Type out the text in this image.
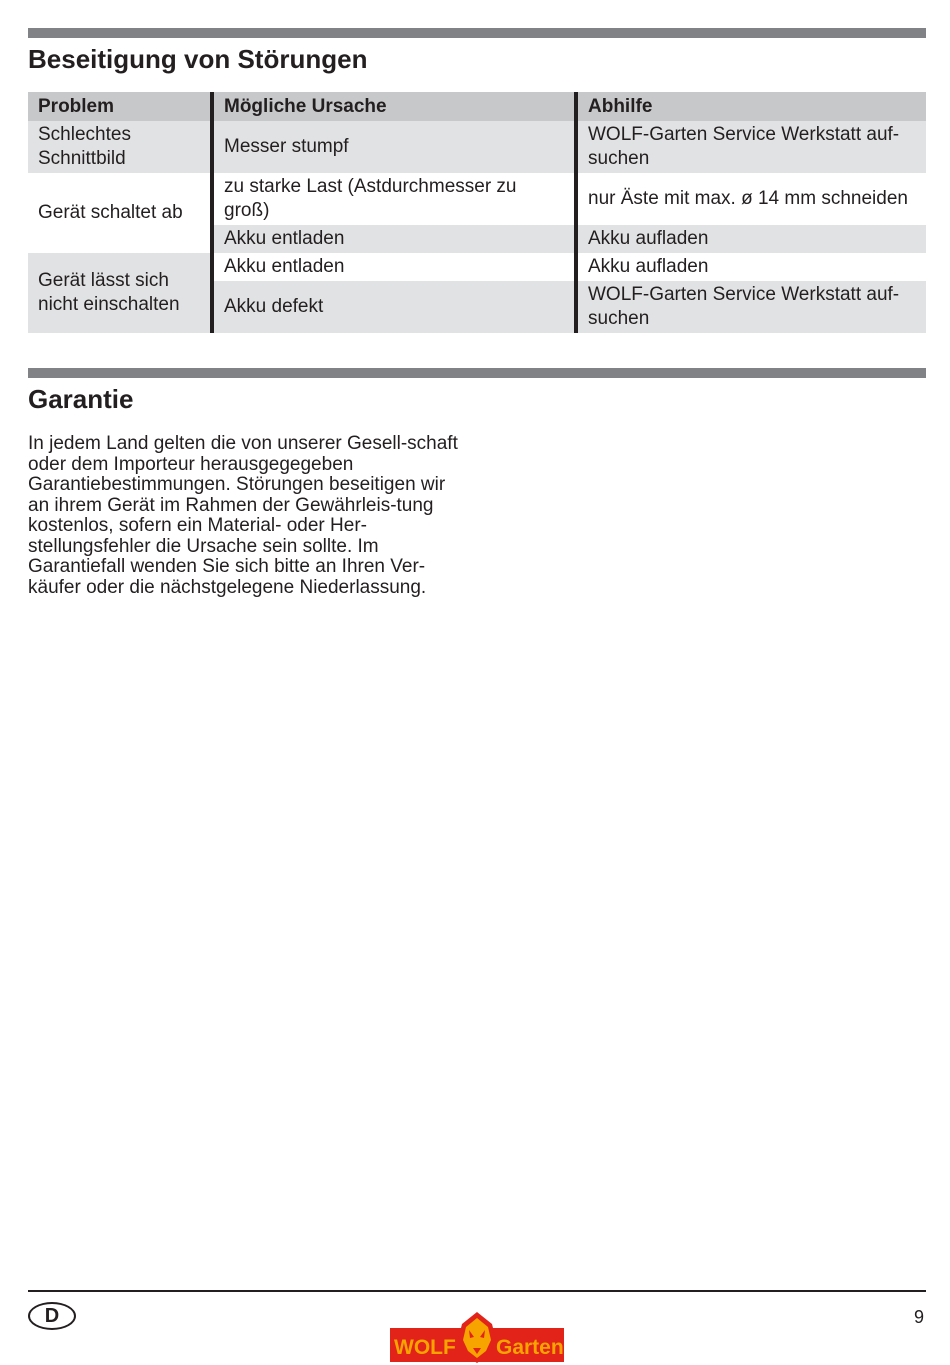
Beseitigung von Störungen
Problem	Mögliche Ursache	Abhilfe
Schlechtes Schnittbild	Messer stumpf	WOLF-Garten Service Werkstatt auf-suchen
Gerät schaltet ab	zu starke Last (Astdurchmesser zu groß)	nur Äste mit max. ø 14 mm schneiden
	Akku entladen	Akku aufladen
Gerät lässt sich nicht einschalten	Akku entladen	Akku aufladen
	Akku defekt	WOLF-Garten Service Werkstatt auf-suchen
Garantie

In jedem Land gelten die von unserer Gesell-schaft oder dem Importeur herausgegegeben Garantiebestimmungen. Störungen beseitigen wir an ihrem Gerät im Rahmen der Gewährleis-tung kostenlos, sofern ein Material- oder Her-stellungsfehler die Ursache sein sollte. Im Garantiefall wenden Sie sich bitte an Ihren Ver-käufer oder die nächstgelegene Niederlassung.

D	9
WOLF Garten
